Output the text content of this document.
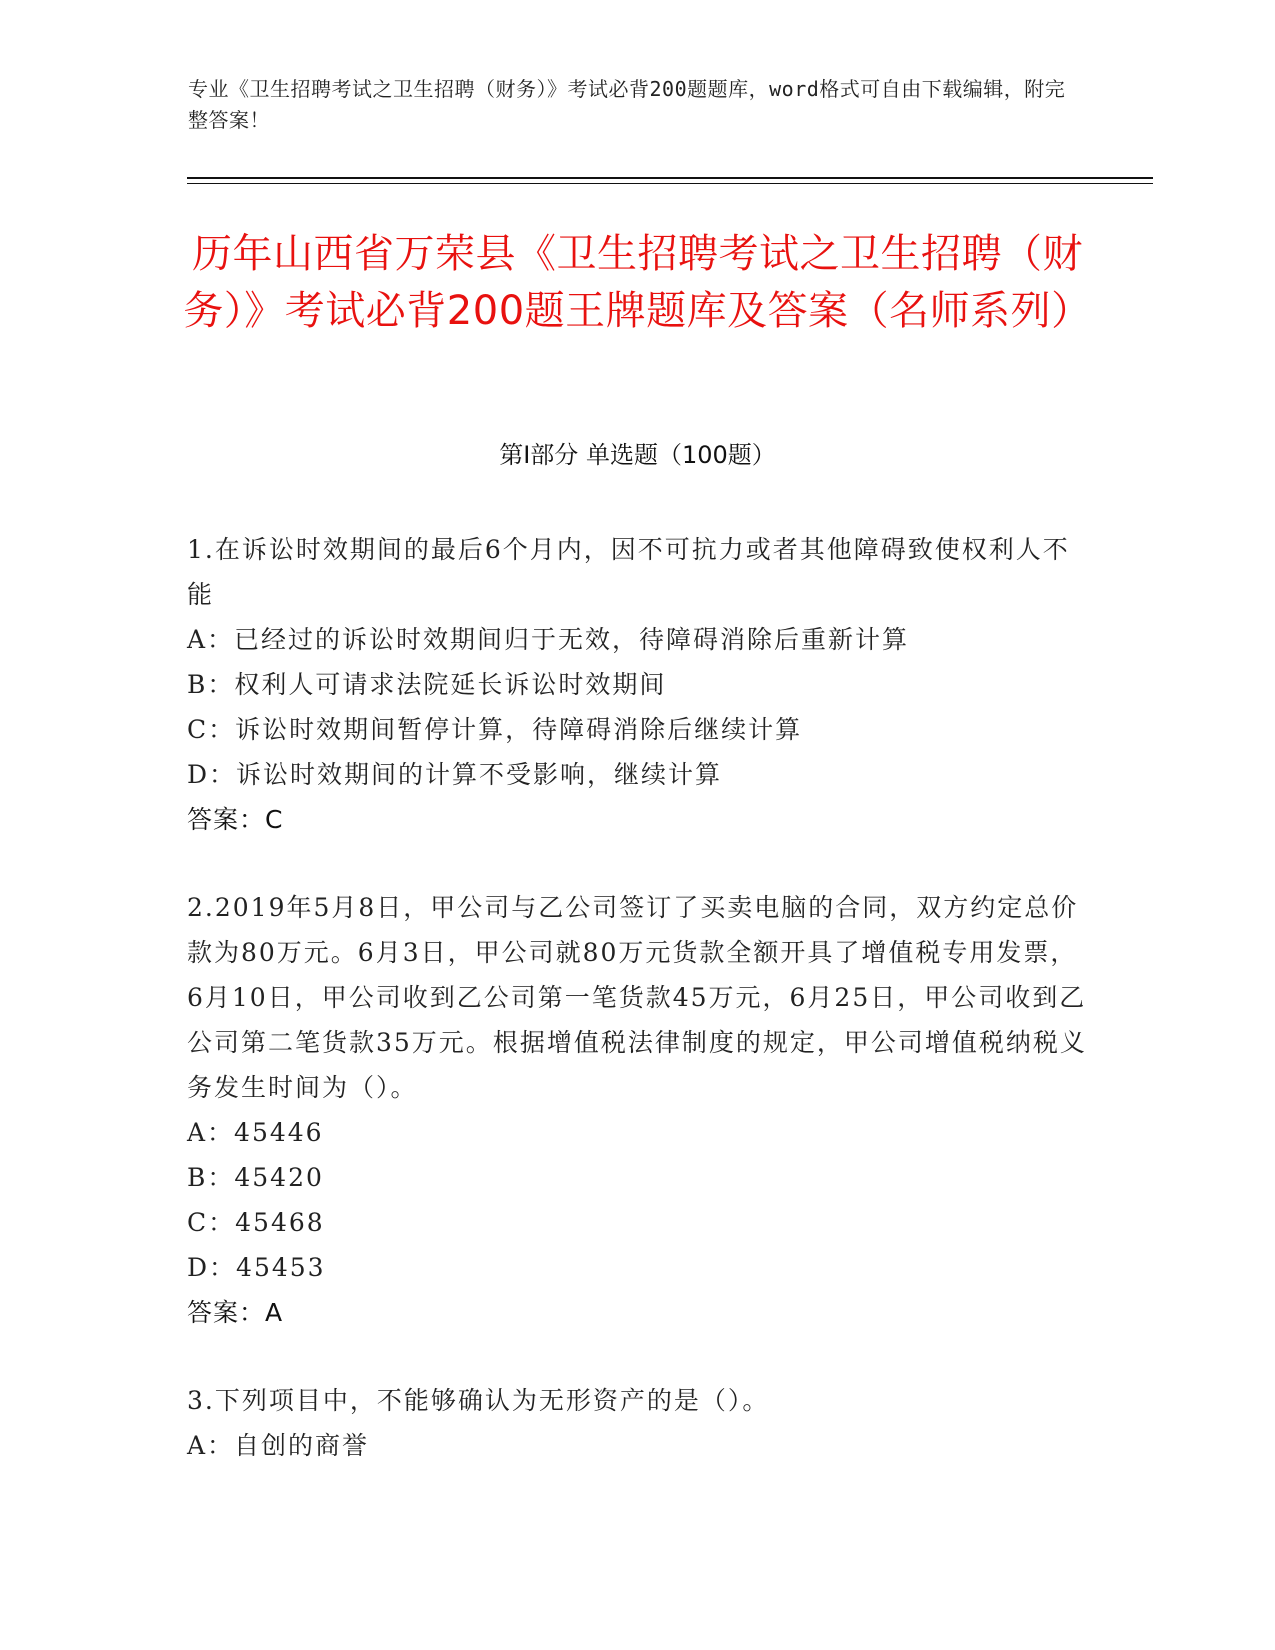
专业《卫生招聘考试之卫生招聘（财务）》考试必背200题题库，word格式可自由下载编辑，附完整答案！
历年山西省万荣县《卫生招聘考试之卫生招聘（财务）》考试必背200题王牌题库及答案（名师系列）
第Ⅰ部分 单选题（100题）

1.在诉讼时效期间的最后6个月内，因不可抗力或者其他障碍致使权利人不能

A：已经过的诉讼时效期间归于无效，待障碍消除后重新计算

B：权利人可请求法院延长诉讼时效期间

C：诉讼时效期间暂停计算，待障碍消除后继续计算

D：诉讼时效期间的计算不受影响，继续计算

答案：C

2.2019年5月8日，甲公司与乙公司签订了买卖电脑的合同，双方约定总价款为80万元。6月3日，甲公司就80万元货款全额开具了增值税专用发票，6月10日，甲公司收到乙公司第一笔货款45万元，6月25日，甲公司收到乙公司第二笔货款35万元。根据增值税法律制度的规定，甲公司增值税纳税义务发生时间为（）。

A：45446

B：45420

C：45468

D：45453

答案：A

3.下列项目中，不能够确认为无形资产的是（）。

A：自创的商誉
